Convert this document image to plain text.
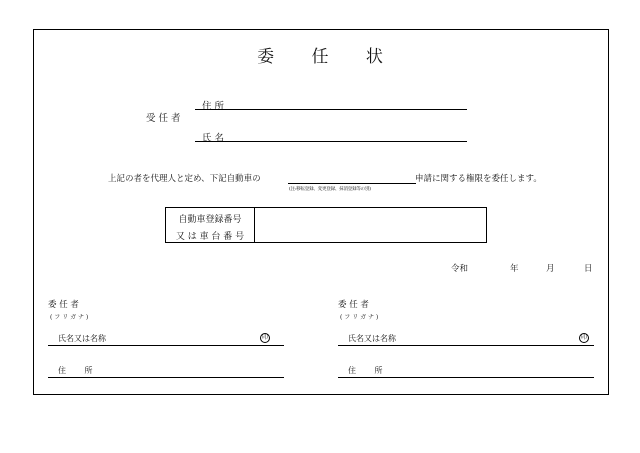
委 任 状
受 任 者
住 所
氏 名
上記の者を代理人と定め、下記自動車の
(注:移転登録、変更登録、抹消登録等の別)
申請に関する権限を委任します。
自動車登録番号
又 は 車 台 番 号
令和	年	月	日
委 任 者
( フ リ ガ ナ )
氏名又は名称	印
住　　 所
委 任 者
( フ リ ガ ナ )
氏名又は名称	印
住　　 所
